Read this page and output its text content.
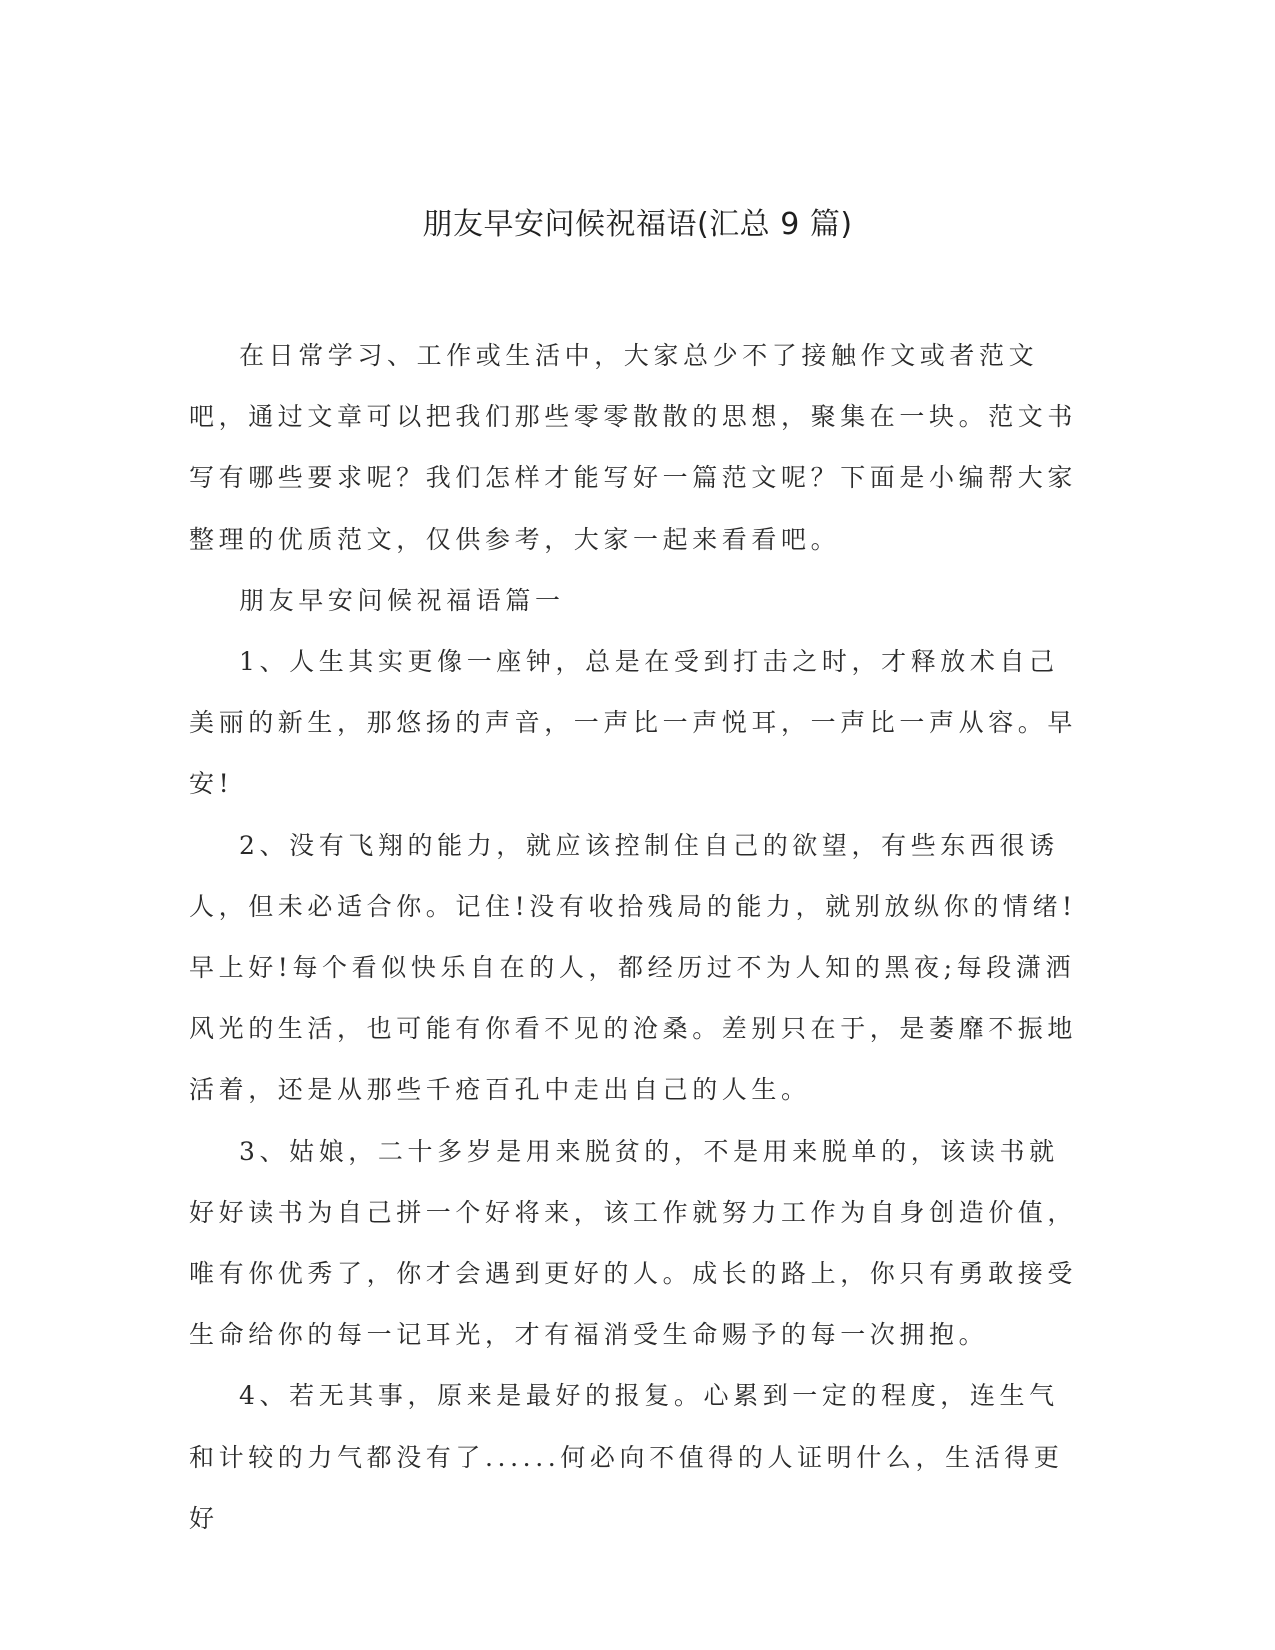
朋友早安问候祝福语(汇总 9 篇)

在日常学习、工作或生活中，大家总少不了接触作文或者范文吧，通过文章可以把我们那些零零散散的思想，聚集在一块。范文书写有哪些要求呢？我们怎样才能写好一篇范文呢？下面是小编帮大家整理的优质范文，仅供参考，大家一起来看看吧。

朋友早安问候祝福语篇一

1、人生其实更像一座钟，总是在受到打击之时，才释放术自己美丽的新生，那悠扬的声音，一声比一声悦耳，一声比一声从容。早安!

2、没有飞翔的能力，就应该控制住自己的欲望，有些东西很诱人，但未必适合你。记住!没有收拾残局的能力，就别放纵你的情绪!早上好!每个看似快乐自在的人，都经历过不为人知的黑夜;每段潇洒风光的生活，也可能有你看不见的沧桑。差别只在于，是萎靡不振地活着，还是从那些千疮百孔中走出自己的人生。

3、姑娘，二十多岁是用来脱贫的，不是用来脱单的，该读书就好好读书为自己拼一个好将来，该工作就努力工作为自身创造价值，唯有你优秀了，你才会遇到更好的人。成长的路上，你只有勇敢接受生命给你的每一记耳光，才有福消受生命赐予的每一次拥抱。

4、若无其事，原来是最好的报复。心累到一定的程度，连生气和计较的力气都没有了......何必向不值得的人证明什么，生活得更好
